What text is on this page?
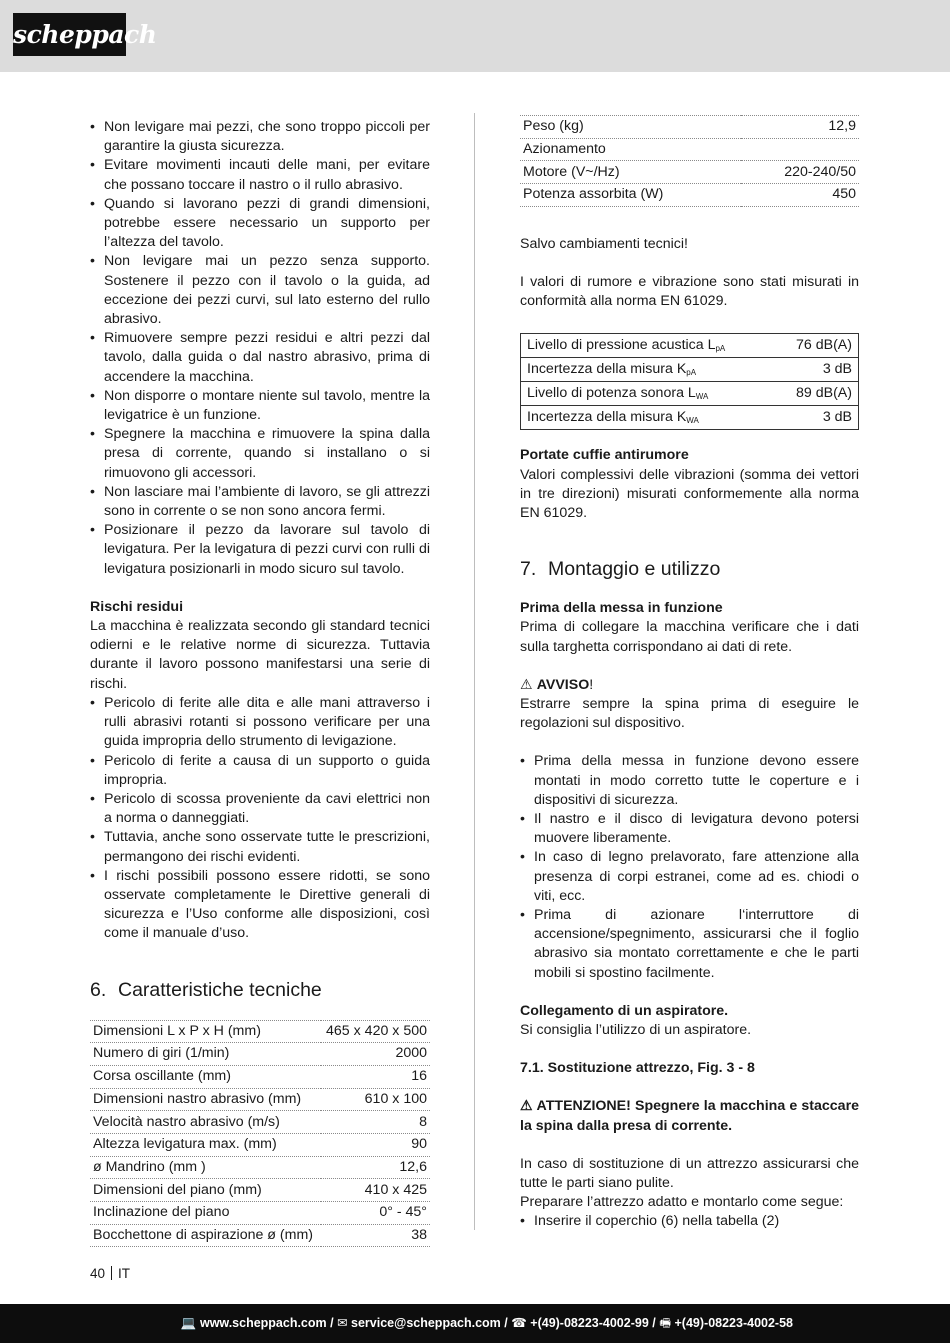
scheppach
• Non levigare mai pezzi, che sono troppo piccoli per garantire la giusta sicurezza.
• Evitare movimenti incauti delle mani, per evitare che possano toccare il nastro o il rullo abrasivo.
• Quando si lavorano pezzi di grandi dimensioni, potrebbe essere necessario un supporto per l’altezza del tavolo.
• Non levigare mai un pezzo senza supporto. Sostenere il pezzo con il tavolo o la guida, ad eccezione dei pezzi curvi, sul lato esterno del rullo abrasivo.
• Rimuovere sempre pezzi residui e altri pezzi dal tavolo, dalla guida o dal nastro abrasivo, prima di accendere la macchina.
• Non disporre o montare niente sul tavolo, mentre la levigatrice è un funzione.
• Spegnere la macchina e rimuovere la spina dalla presa di corrente, quando si installano o si rimuovono gli accessori.
• Non lasciare mai l’ambiente di lavoro, se gli attrezzi sono in corrente o se non sono ancora fermi.
• Posizionare il pezzo da lavorare sul tavolo di levigatura. Per la levigatura di pezzi curvi con rulli di levigatura posizionarli in modo sicuro sul tavolo.

Rischi residui

La macchina è realizzata secondo gli standard tecnici odierni e le relative norme di sicurezza. Tuttavia durante il lavoro possono manifestarsi una serie di rischi.

• Pericolo di ferite alle dita e alle mani attraverso i rulli abrasivi rotanti si possono verificare per una guida impropria dello strumento di levigazione.
• Pericolo di ferite a causa di un supporto o guida impropria.
• Pericolo di scossa proveniente da cavi elettrici non a norma o danneggiati.
• Tuttavia, anche sono osservate tutte le prescrizioni, permangono dei rischi evidenti.
• I rischi possibili possono essere ridotti, se sono osservate completamente le Direttive generali di sicurezza e l’Uso conforme alle disposizioni, così come il manuale d’uso.
6. Caratteristiche tecniche
Dimensioni L x P x H (mm)	465 x 420 x 500
Numero di giri (1/min)	2000
Corsa oscillante (mm)	16
Dimensioni nastro abrasivo (mm)	610 x 100
Velocità nastro abrasivo (m/s)	8
Altezza levigatura max. (mm)	90
ø Mandrino (mm )	12,6
Dimensioni del piano (mm)	410 x 425
Inclinazione del piano	0° - 45°
Bocchettone di aspirazione ø (mm)	38
Peso (kg)	12,9
Azionamento	
Motore (V~/Hz)	220-240/50
Potenza assorbita (W)	450

Salvo cambiamenti tecnici!

I valori di rumore e vibrazione sono stati misurati in conformità alla norma EN 61029.

Livello di pressione acustica $L_{pA}$	76 dB(A)
Incertezza della misura $K_{pA}$	3 dB
Livello di potenza sonora $L_{WA}$	89 dB(A)
Incertezza della misura $K_{WA}$	3 dB

Portate cuffie antirumore

Valori complessivi delle vibrazioni (somma dei vettori in tre direzioni) misurati conformemente alla norma EN 61029.

7. Montaggio e utilizzo

Prima della messa in funzione

Prima di collegare la macchina verificare che i dati sulla targhetta corrispondano ai dati di rete.

⚠ AVVISO!

Estrarre sempre la spina prima di eseguire le regolazioni sul dispositivo.

• Prima della messa in funzione devono essere montati in modo corretto tutte le coperture e i dispositivi di sicurezza.
• Il nastro e il disco di levigatura devono potersi muovere liberamente.
• In caso di legno prelavorato, fare attenzione alla presenza di corpi estranei, come ad es. chiodi o viti, ecc.
• Prima di azionare l‘interruttore di accensione/spegnimento, assicurarsi che il foglio abrasivo sia montato correttamente e che le parti mobili si spostino facilmente.

Collegamento di un aspiratore.

Si consiglia l’utilizzo di un aspiratore.

7.1. Sostituzione attrezzo, Fig. 3 - 8

⚠ ATTENZIONE! Spegnere la macchina e staccare la spina dalla presa di corrente.

In caso di sostituzione di un attrezzo assicurarsi che tutte le parti siano pulite.

Preparare l’attrezzo adatto e montarlo come segue:

• Inserire il coperchio (6) nella tabella (2)
40 IT
💻 www.scheppach.com / ✉ service@scheppach.com / ☎ +(49)-08223-4002-99 / 🖷 +(49)-08223-4002-58
